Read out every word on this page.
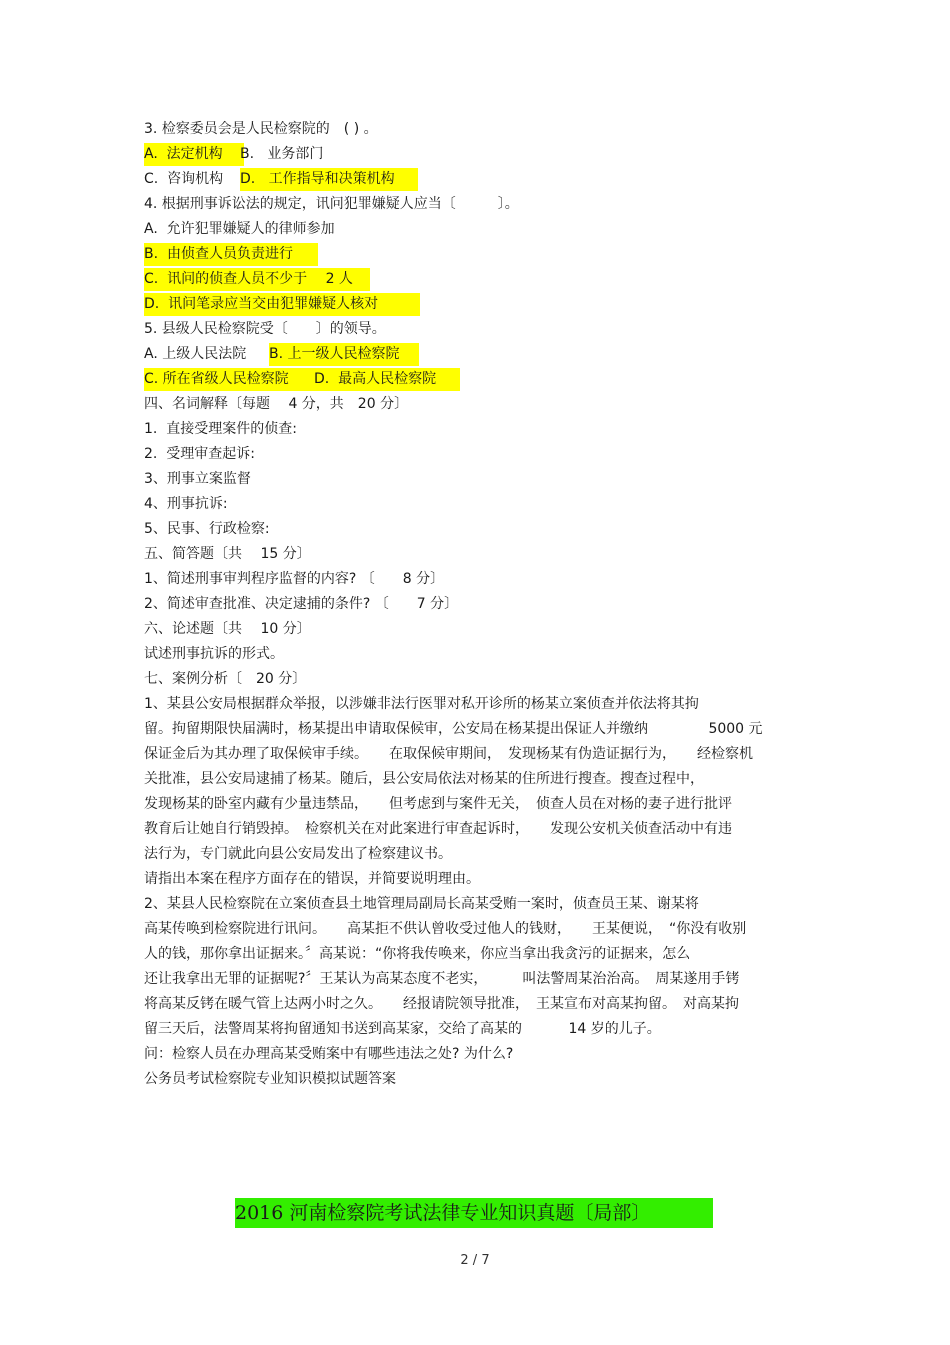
3. 检察委员会是人民检察院的　( ) 。

A.  法定机构

	B.   业务部门

C.  咨询机构

D.   工作指导和决策机构

4. 根据刑事诉讼法的规定，讯问犯罪嫌疑人应当〔　　　〕。

A.  允许犯罪嫌疑人的律师参加

B.  由侦查人员负责进行

C.  讯问的侦查人员不少于　 2 人

D.  讯问笔录应当交由犯罪嫌疑人核对

5. 县级人民检察院受〔　　〕的领导。

A. 上级人民法院

B. 上一级人民检察院

C. 所在省级人民检察院

	D.  最高人民检察院

四、名词解释〔每题　 4 分，共　20 分〕

1.  直接受理案件的侦查:

2.  受理审查起诉:

3、刑事立案监督

4、刑事抗诉:

5、民事、行政检察:

五、简答题〔共　 15 分〕

1、简述刑事审判程序监督的内容? 〔　　8 分〕

2、简述审查批准、决定逮捕的条件? 〔　　7 分〕

六、论述题〔共　 10 分〕

试述刑事抗诉的形式。

七、案例分析〔　20 分〕

1、某县公安局根据群众举报，以涉嫌非法行医罪对私开诊所的杨某立案侦查并依法将其拘

留。拘留期限快届满时，杨某提出申请取保候审，公安局在杨某提出保证人并缴纳　　　　 5000 元

保证金后为其办理了取保候审手续。　　在取保候审期间，　发现杨某有伪造证据行为，　　经检察机

关批准，县公安局逮捕了杨某。随后，县公安局依法对杨某的住所进行搜查。搜查过程中，

发现杨某的卧室内藏有少量违禁品，　　但考虑到与案件无关，　侦查人员在对杨的妻子进行批评

教育后让她自行销毁掉。　检察机关在对此案进行审查起诉时，　　发现公安机关侦查活动中有违

法行为，专门就此向县公安局发出了检察建议书。

请指出本案在程序方面存在的错误，并简要说明理由。

2、某县人民检察院在立案侦查县土地管理局副局长高某受贿一案时，侦查员王某、谢某将

高某传唤到检察院进行讯问。　　高某拒不供认曾收受过他人的钱财，　　王某便说，　“你没有收别

人的钱，那你拿出证据来。〞高某说：“你将我传唤来，你应当拿出我贪污的证据来，怎么

还让我拿出无罪的证据呢?〞王某认为高某态度不老实，　　　叫法警周某治治高。　周某遂用手铐

将高某反铐在暖气管上达两小时之久。　　经报请院领导批准，　王某宣布对高某拘留。　对高某拘

留三天后，法警周某将拘留通知书送到高某家，交给了高某的　　　 14 岁的儿子。

问：检察人员在办理高某受贿案中有哪些违法之处? 为什么?

公务员考试检察院专业知识模拟试题答案

2016 河南检察院考试法律专业知识真题〔局部〕

2 / 7
